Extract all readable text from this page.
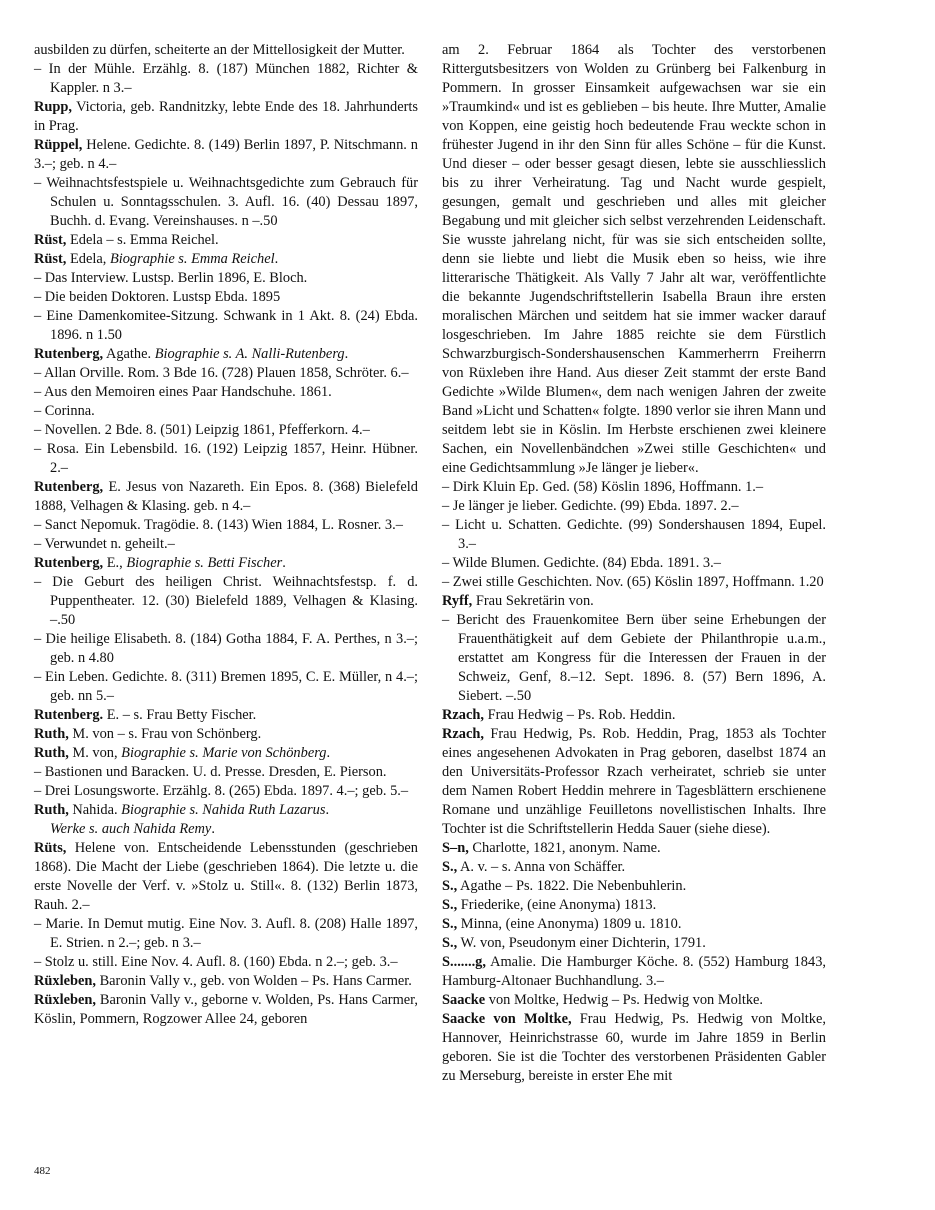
ausbilden zu dürfen, scheiterte an der Mittellosigkeit der Mutter.

– In der Mühle. Erzählg. 8. (187) München 1882, Richter & Kappler. n 3.–

Rupp, Victoria, geb. Randnitzky, lebte Ende des 18. Jahrhunderts in Prag.

Rüppel, Helene. Gedichte. 8. (149) Berlin 1897, P. Nitschmann. n 3.–; geb. n 4.–

– Weihnachtsfestspiele u. Weihnachtsgedichte zum Gebrauch für Schulen u. Sonntagsschulen. 3. Aufl. 16. (40) Dessau 1897, Buchh. d. Evang. Vereinshauses. n –.50

Rüst, Edela – s. Emma Reichel.

Rüst, Edela, Biographie s. Emma Reichel.

– Das Interview. Lustsp. Berlin 1896, E. Bloch.

– Die beiden Doktoren. Lustsp Ebda. 1895

– Eine Damenkomitee-Sitzung. Schwank in 1 Akt. 8. (24) Ebda. 1896. n 1.50

Rutenberg, Agathe. Biographie s. A. Nalli-Rutenberg.

– Allan Orville. Rom. 3 Bde 16. (728) Plauen 1858, Schröter. 6.–

– Aus den Memoiren eines Paar Handschuhe. 1861.

– Corinna.

– Novellen. 2 Bde. 8. (501) Leipzig 1861, Pfefferkorn. 4.–

– Rosa. Ein Lebensbild. 16. (192) Leipzig 1857, Heinr. Hübner. 2.–

Rutenberg, E. Jesus von Nazareth. Ein Epos. 8. (368) Bielefeld 1888, Velhagen & Klasing. geb. n 4.–

– Sanct Nepomuk. Tragödie. 8. (143) Wien 1884, L. Rosner. 3.–

– Verwundet n. geheilt.–

Rutenberg, E., Biographie s. Betti Fischer.

– Die Geburt des heiligen Christ. Weihnachtsfestsp. f. d. Puppentheater. 12. (30) Bielefeld 1889, Velhagen & Klasing. –.50

– Die heilige Elisabeth. 8. (184) Gotha 1884, F. A. Perthes, n 3.–; geb. n 4.80

– Ein Leben. Gedichte. 8. (311) Bremen 1895, C. E. Müller, n 4.–; geb. nn 5.–

Rutenberg. E. – s. Frau Betty Fischer.

Ruth, M. von – s. Frau von Schönberg.

Ruth, M. von, Biographie s. Marie von Schönberg.

– Bastionen und Baracken. U. d. Presse. Dresden, E. Pierson.

– Drei Losungsworte. Erzählg. 8. (265) Ebda. 1897. 4.–; geb. 5.–

Ruth, Nahida. Biographie s. Nahida Ruth Lazarus.
Werke s. auch Nahida Remy.

Rüts, Helene von. Entscheidende Lebensstunden (geschrieben 1868). Die Macht der Liebe (geschrieben 1864). Die letzte u. die erste Novelle der Verf. v. »Stolz u. Still«. 8. (132) Berlin 1873, Rauh. 2.–

– Marie. In Demut mutig. Eine Nov. 3. Aufl. 8. (208) Halle 1897, E. Strien. n 2.–; geb. n 3.–

– Stolz u. still. Eine Nov. 4. Aufl. 8. (160) Ebda. n 2.–; geb. 3.–

Rüxleben, Baronin Vally v., geb. von Wolden – Ps. Hans Carmer.

Rüxleben, Baronin Vally v., geborne v. Wolden, Ps. Hans Carmer, Köslin, Pommern, Rogzower Allee 24, geboren

am 2. Februar 1864 als Tochter des verstorbenen Rittergutsbesitzers von Wolden zu Grünberg bei Falkenburg in Pommern. In grosser Einsamkeit aufgewachsen war sie ein »Traumkind« und ist es geblieben – bis heute. Ihre Mutter, Amalie von Koppen, eine geistig hoch bedeutende Frau weckte schon in frühester Jugend in ihr den Sinn für alles Schöne – für die Kunst. Und dieser – oder besser gesagt diesen, lebte sie ausschliesslich bis zu ihrer Verheiratung. Tag und Nacht wurde gespielt, gesungen, gemalt und geschrieben und alles mit gleicher Begabung und mit gleicher sich selbst verzehrenden Leidenschaft. Sie wusste jahrelang nicht, für was sie sich entscheiden sollte, denn sie liebte und liebt die Musik eben so heiss, wie ihre litterarische Thätigkeit. Als Vally 7 Jahr alt war, veröffentlichte die bekannte Jugendschriftstellerin Isabella Braun ihre ersten moralischen Märchen und seitdem hat sie immer wacker darauf losgeschrieben. Im Jahre 1885 reichte sie dem Fürstlich Schwarzburgisch-Sondershausenschen Kammerherrn Freiherrn von Rüxleben ihre Hand. Aus dieser Zeit stammt der erste Band Gedichte »Wilde Blumen«, dem nach wenigen Jahren der zweite Band »Licht und Schatten« folgte. 1890 verlor sie ihren Mann und seitdem lebt sie in Köslin. Im Herbste erschienen zwei kleinere Sachen, ein Novellenbändchen »Zwei stille Geschichten« und eine Gedichtsammlung »Je länger je lieber«.

– Dirk Kluin Ep. Ged. (58) Köslin 1896, Hoffmann. 1.–

– Je länger je lieber. Gedichte. (99) Ebda. 1897. 2.–

– Licht u. Schatten. Gedichte. (99) Sondershausen 1894, Eupel. 3.–

– Wilde Blumen. Gedichte. (84) Ebda. 1891. 3.–

– Zwei stille Geschichten. Nov. (65) Köslin 1897, Hoffmann. 1.20

Ryff, Frau Sekretärin von.

– Bericht des Frauenkomitee Bern über seine Erhebungen der Frauenthätigkeit auf dem Gebiete der Philanthropie u.a.m., erstattet am Kongress für die Interessen der Frauen in der Schweiz, Genf, 8.–12. Sept. 1896. 8. (57) Bern 1896, A. Siebert. –.50

Rzach, Frau Hedwig – Ps. Rob. Heddin.

Rzach, Frau Hedwig, Ps. Rob. Heddin, Prag, 1853 als Tochter eines angesehenen Advokaten in Prag geboren, daselbst 1874 an den Universitäts-Professor Rzach verheiratet, schrieb sie unter dem Namen Robert Heddin mehrere in Tagesblättern erschienene Romane und unzählige Feuilletons novellistischen Inhalts. Ihre Tochter ist die Schriftstellerin Hedda Sauer (siehe diese).

S–n, Charlotte, 1821, anonym. Name.

S., A. v. – s. Anna von Schäffer.

S., Agathe – Ps. 1822. Die Nebenbuhlerin.

S., Friederike, (eine Anonyma) 1813.

S., Minna, (eine Anonyma) 1809 u. 1810.

S., W. von, Pseudonym einer Dichterin, 1791.

S.......g, Amalie. Die Hamburger Köche. 8. (552) Hamburg 1843, Hamburg-Altonaer Buchhandlung. 3.–

Saacke von Moltke, Hedwig – Ps. Hedwig von Moltke.

Saacke von Moltke, Frau Hedwig, Ps. Hedwig von Moltke, Hannover, Heinrichstrasse 60, wurde im Jahre 1859 in Berlin geboren. Sie ist die Tochter des verstorbenen Präsidenten Gabler zu Merseburg, bereiste in erster Ehe mit

482
